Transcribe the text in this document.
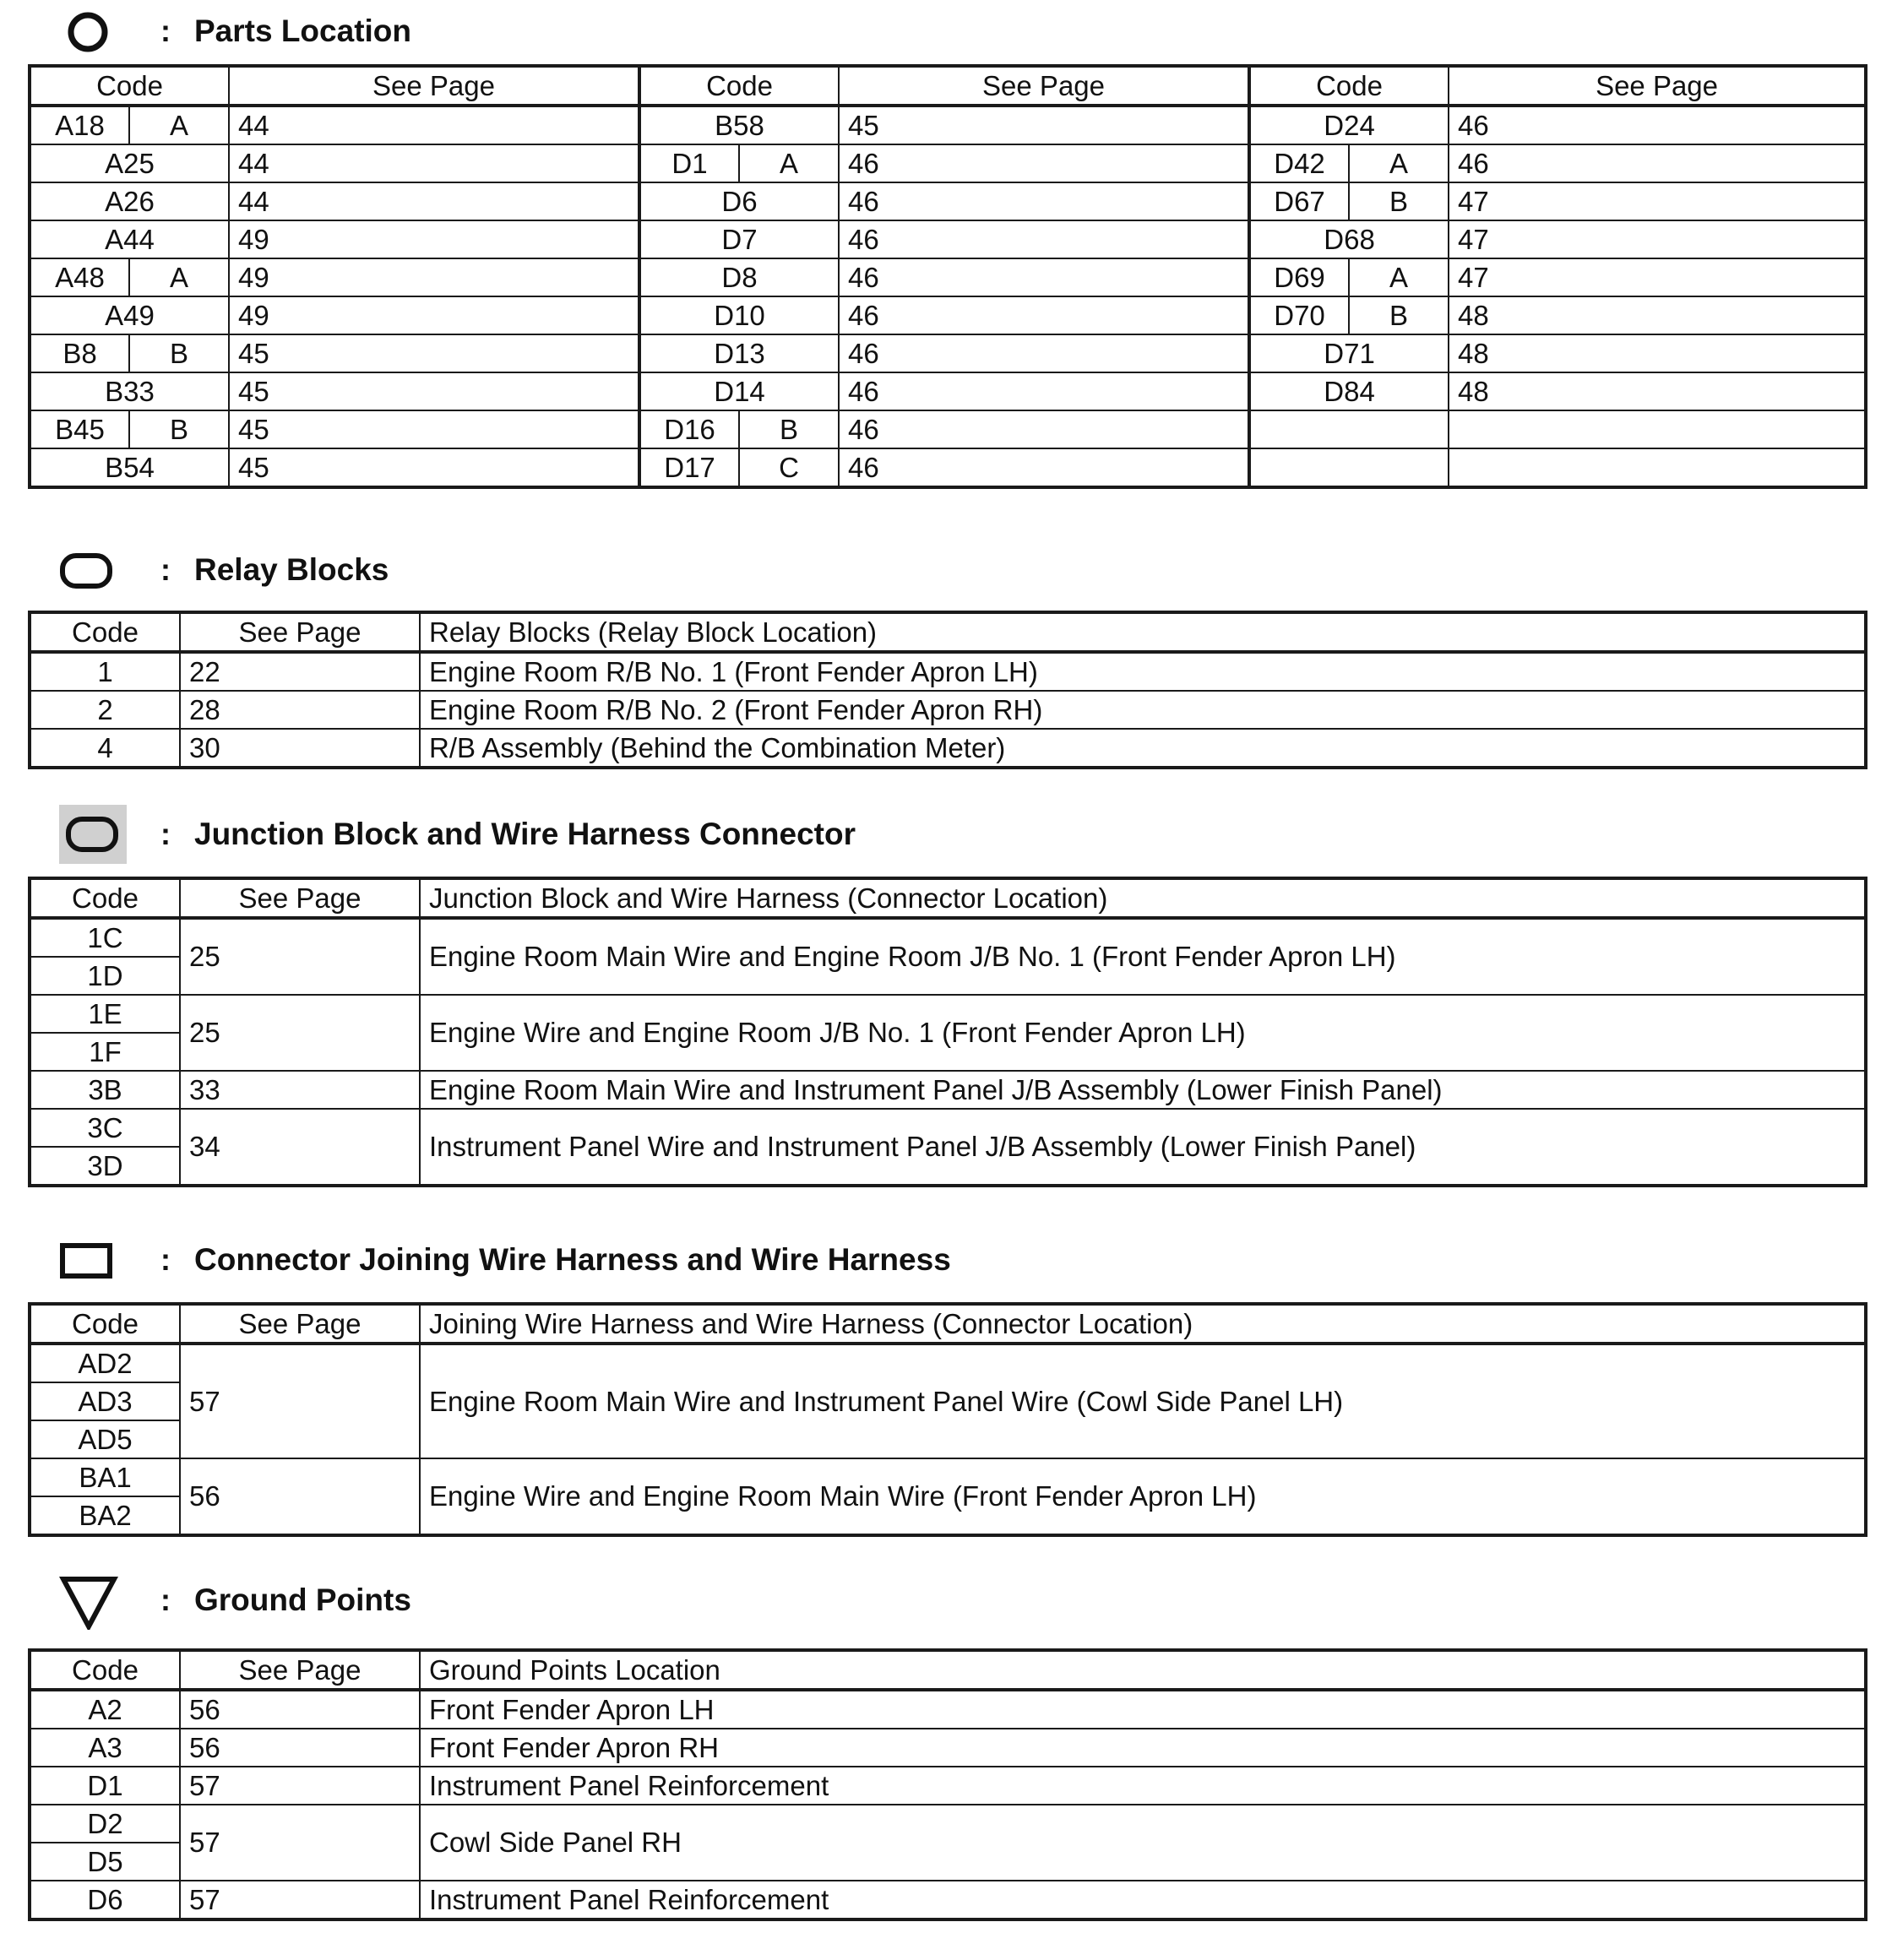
: Parts Location
Code		See Page	Code		See Page	Code		See Page
A18	A	44	B58		45	D24		46
A25		44	D1	A	46	D42	A	46
A26		44	D6		46	D67	B	47
A44		49	D7		46	D68		47
A48	A	49	D8		46	D69	A	47
A49		49	D10		46	D70	B	48
B8	B	45	D13		46	D71		48
B33		45	D14		46	D84		48
B45	B	45	D16	B	46			
B54		45	D17	C	46			
: Relay Blocks
Code	See Page	Relay Blocks (Relay Block Location)
1	22	Engine Room R/B No. 1 (Front Fender Apron LH)
2	28	Engine Room R/B No. 2 (Front Fender Apron RH)
4	30	R/B Assembly (Behind the Combination Meter)
: Junction Block and Wire Harness Connector
Code	See Page	Junction Block and Wire Harness (Connector Location)
1C	25	Engine Room Main Wire and Engine Room J/B No. 1 (Front Fender Apron LH)
1D		
1E	25	Engine Wire and Engine Room J/B No. 1 (Front Fender Apron LH)
1F		
3B	33	Engine Room Main Wire and Instrument Panel J/B Assembly (Lower Finish Panel)
3C	34	Instrument Panel Wire and Instrument Panel J/B Assembly (Lower Finish Panel)
3D		
: Connector Joining Wire Harness and Wire Harness
Code	See Page	Joining Wire Harness and Wire Harness (Connector Location)
AD2	57	Engine Room Main Wire and Instrument Panel Wire (Cowl Side Panel LH)
AD3		
AD5		
BA1	56	Engine Wire and Engine Room Main Wire (Front Fender Apron LH)
BA2		
: Ground Points
Code	See Page	Ground Points Location
A2	56	Front Fender Apron LH
A3	56	Front Fender Apron RH
D1	57	Instrument Panel Reinforcement
D2	57	Cowl Side Panel RH
D5		
D6	57	Instrument Panel Reinforcement
